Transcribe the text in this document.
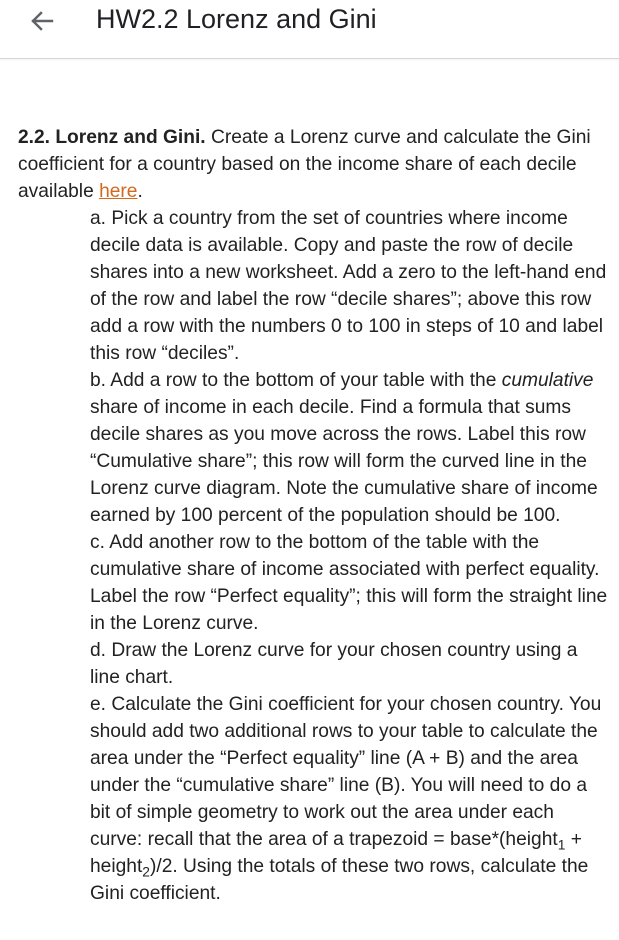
HW2.2 Lorenz and Gini

2.2. Lorenz and Gini. Create a Lorenz curve and calculate the Gini coefficient for a country based on the income share of each decile available here.

a. Pick a country from the set of countries where income decile data is available. Copy and paste the row of decile shares into a new worksheet. Add a zero to the left-hand end of the row and label the row “decile shares”; above this row add a row with the numbers 0 to 100 in steps of 10 and label this row “deciles”.

b. Add a row to the bottom of your table with the cumulative share of income in each decile. Find a formula that sums decile shares as you move across the rows. Label this row “Cumulative share”; this row will form the curved line in the Lorenz curve diagram. Note the cumulative share of income earned by 100 percent of the population should be 100.

c. Add another row to the bottom of the table with the cumulative share of income associated with perfect equality. Label the row “Perfect equality”; this will form the straight line in the Lorenz curve.

d. Draw the Lorenz curve for your chosen country using a line chart.

e. Calculate the Gini coefficient for your chosen country. You should add two additional rows to your table to calculate the area under the “Perfect equality” line (A + B) and the area under the “cumulative share” line (B). You will need to do a bit of simple geometry to work out the area under each curve: recall that the area of a trapezoid = base*(height$_1$ + height$_2$)/2. Using the totals of these two rows, calculate the Gini coefficient.
